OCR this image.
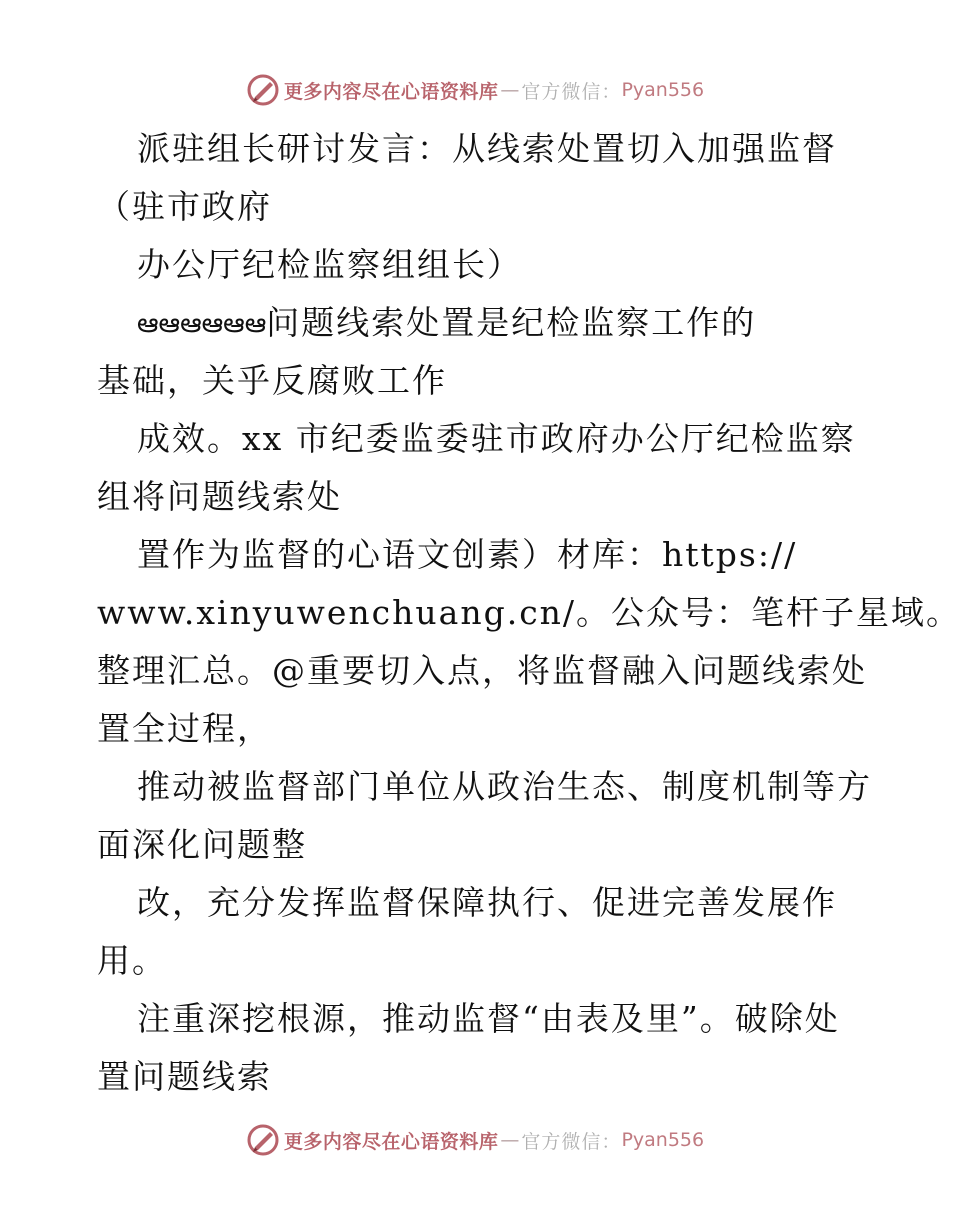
更多内容尽在心语资料库 — 官方微信： Pyan556
派驻组长研讨发言：从线索处置切入加强监督
（驻市政府
办公厅纪检监察组组长）
ఆఆఆఆఆఆ问题线索处置是纪检监察工作的
基础，关乎反腐败工作
成效。xx 市纪委监委驻市政府办公厅纪检监察
组将问题线索处
置作为监督的心语文创素）材库：https://
www.xinyuwenchuang.cn/。公众号：笔杆子星域。
整理汇总。@重要切入点，将监督融入问题线索处
置全过程，
推动被监督部门单位从政治生态、制度机制等方
面深化问题整
改，充分发挥监督保障执行、促进完善发展作
用。
注重深挖根源，推动监督“由表及里”。破除处
置问题线索
更多内容尽在心语资料库 — 官方微信： Pyan556
